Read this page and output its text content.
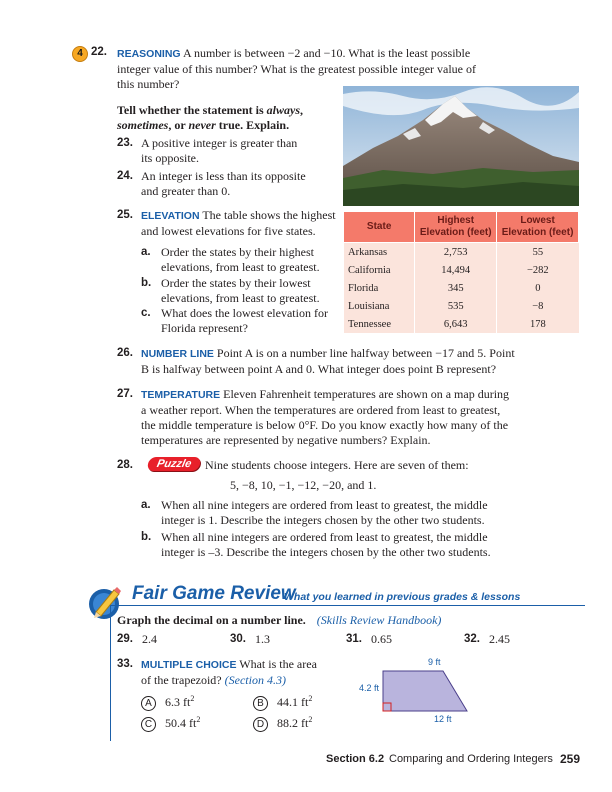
4 22. REASONING A number is between −2 and −10. What is the least possible
integer value of this number? What is the greatest possible integer value of
this number?
Tell whether the statement is always,
sometimes, or never true. Explain.
23. A positive integer is greater than
its opposite.
24. An integer is less than its opposite
and greater than 0.
25. ELEVATION The table shows the highest
and lowest elevations for five states.
a. Order the states by their highest
elevations, from least to greatest.
b. Order the states by their lowest
elevations, from least to greatest.
c. What does the lowest elevation for
Florida represent?
State	Highest Elevation (feet)	Lowest Elevation (feet)
Arkansas	2,753	55
California	14,494	−282
Florida	345	0
Louisiana	535	−8
Tennessee	6,643	178
26. NUMBER LINE Point A is on a number line halfway between −17 and 5. Point
B is halfway between point A and 0. What integer does point B represent?
27. TEMPERATURE Eleven Fahrenheit temperatures are shown on a map during
a weather report. When the temperatures are ordered from least to greatest,
the middle temperature is below 0°F. Do you know exactly how many of the
temperatures are represented by negative numbers? Explain.
28.	Puzzle	Nine students choose integers. Here are seven of them:
5, −8, 10, −1, −12, −20, and 1.
a. When all nine integers are ordered from least to greatest, the middle
integer is 1. Describe the integers chosen by the other two students.
b. When all nine integers are ordered from least to greatest, the middle
integer is –3. Describe the integers chosen by the other two students.
Fair Game Review
What you learned in previous grades & lessons
Graph the decimal on a number line. (Skills Review Handbook)
29. 2.4	30. 1.3	31. 0.65	32. 2.45
33. MULTIPLE CHOICE What is the area
of the trapezoid? (Section 4.3)
A 6.3 $ft^2$	B 44.1 $ft^2$
C 50.4 $ft^2$	D 88.2 $ft^2$
9 ft
4.2 ft
12 ft
Section 6.2 Comparing and Ordering Integers 259
